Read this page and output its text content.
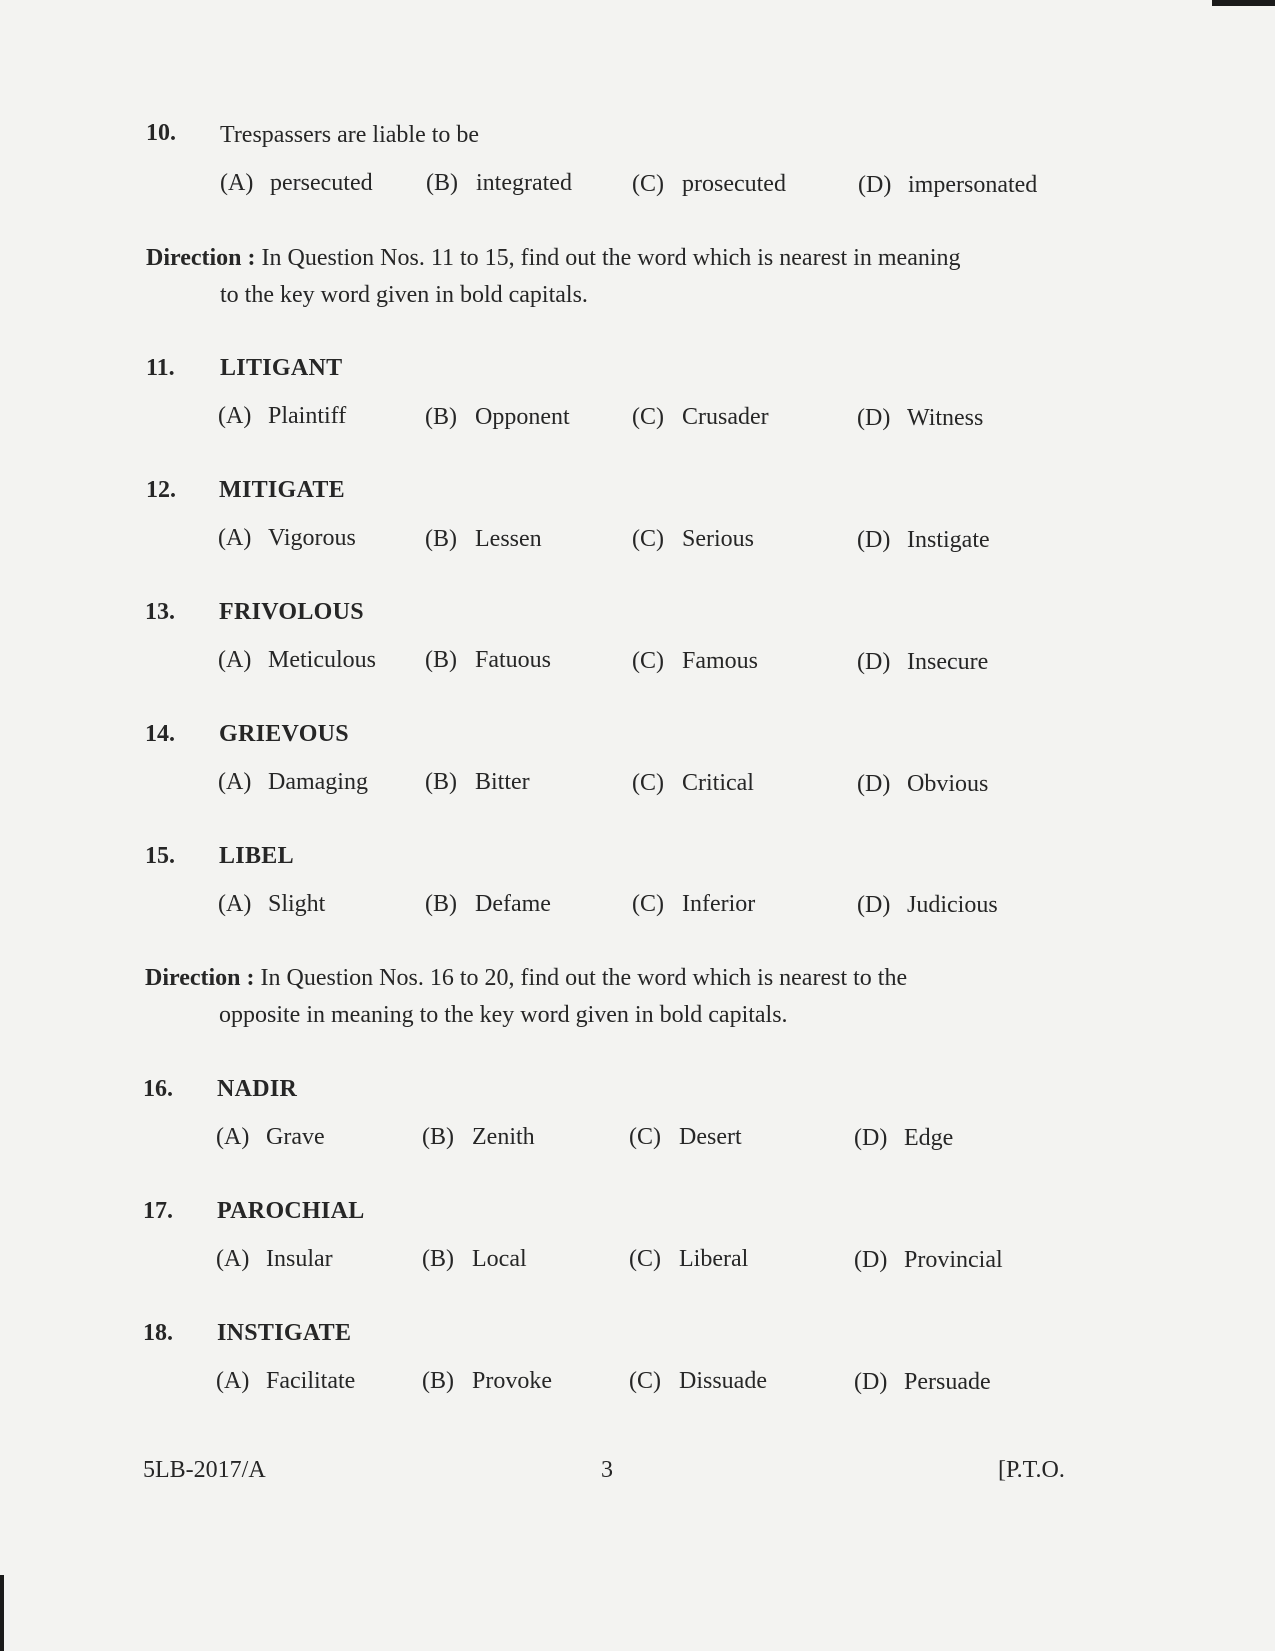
10. Trespassers are liable to be
(A) persecuted (B) integrated	(C) prosecuted	(D) impersonated
Direction : In Question Nos. 11 to 15, find out the word which is nearest in meaning
to the key word given in bold capitals.
11. LITIGANT
(A) Plaintiff	(B) Opponent	(C) Crusader	(D) Witness
12. MITIGATE
(A) Vigorous	(B) Lessen	(C) Serious	(D) Instigate
13. FRIVOLOUS
(A) Meticulous (B) Fatuous	(C) Famous	(D) Insecure
14. GRIEVOUS
(A) Damaging (B) Bitter	(C) Critical	(D) Obvious
15. LIBEL
(A) Slight	(B) Defame	(C) Inferior	(D) Judicious
Direction : In Question Nos. 16 to 20, find out the word which is nearest to the
opposite in meaning to the key word given in bold capitals.
16. NADIR
(A) Grave	(B) Zenith	(C) Desert	(D) Edge
17. PAROCHIAL
(A) Insular	(B) Local	(C) Liberal	(D) Provincial
18. INSTIGATE
(A) Facilitate	(B) Provoke	(C) Dissuade	(D) Persuade
5LB-2017/A	3	[P.T.O.
